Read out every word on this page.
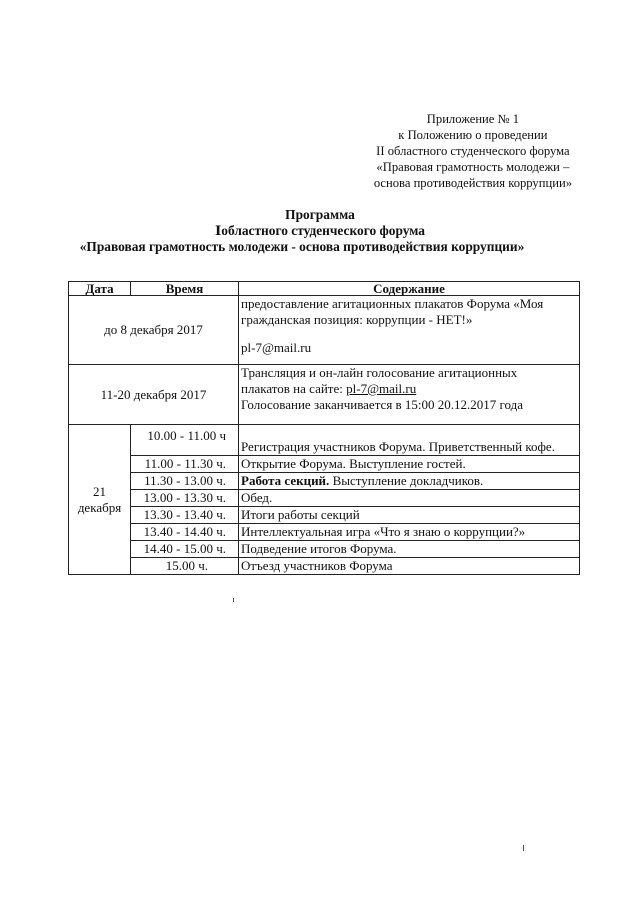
Приложение № 1
к Положению о проведении
II областного студенческого форума
«Правовая грамотность молодежи –
основа противодействия коррупции»
Программа
Ⅰобластного студенческого форума
«Правовая грамотность молодежи - основа противодействия коррупции»
Дата	Время	Содержание
до 8 декабря 2017		предоставление агитационных плакатов Форума «Моя
гражданская позиция: коррупции - НЕТ!»
pl-7@mail.ru

11-20 декабря 2017		Трансляция и он-лайн голосование агитационных
плакатов на сайте: pl-7@mail.ru
Голосование заканчивается в 15:00 20.12.2017 года

21
декабря	10.00 - 11.00 ч	Регистрация участников Форума. Приветственный кофе.
	11.00 - 11.30 ч.	Открытие Форума. Выступление гостей.
	11.30 - 13.00 ч.	Работа секций. Выступление докладчиков.
	13.00 - 13.30 ч.	Обед.
	13.30 - 13.40 ч.	Итоги работы секций
	13.40 - 14.40 ч.	Интеллектуальная игра «Что я знаю о коррупции?»
	14.40 - 15.00 ч.	Подведение итогов Форума.
	15.00 ч.	Отъезд участников Форума
